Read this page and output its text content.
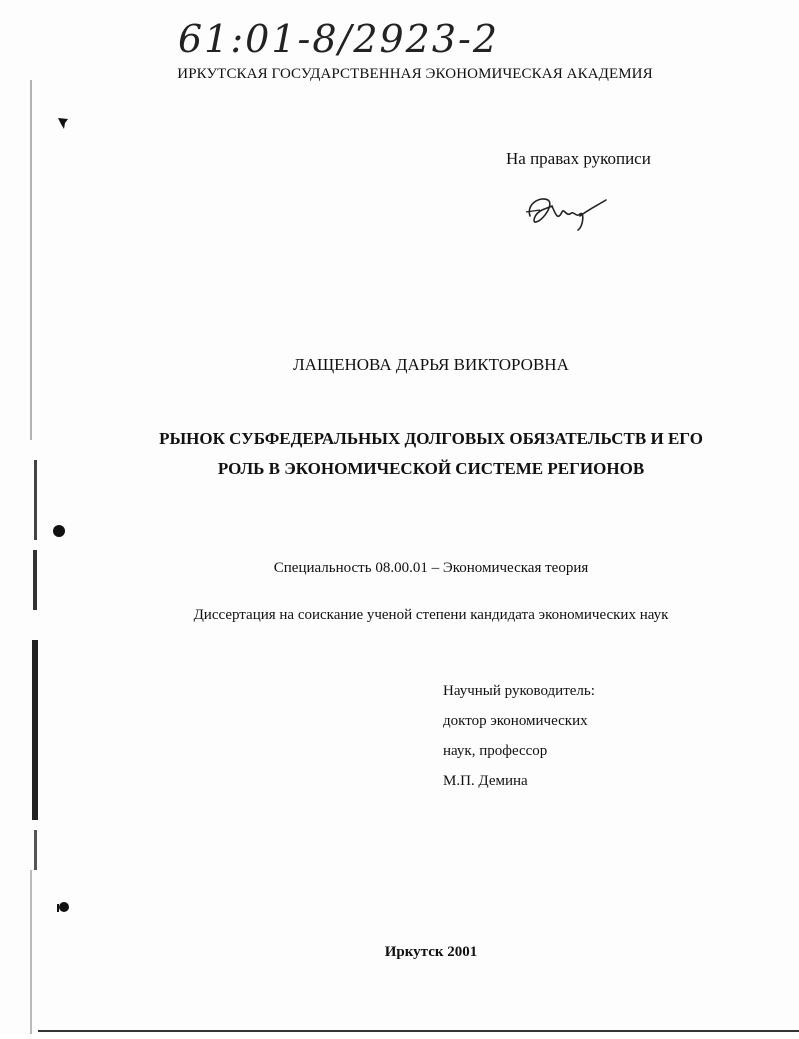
61:01-8/2923-2
ИРКУТСКАЯ ГОСУДАРСТВЕННАЯ ЭКОНОМИЧЕСКАЯ АКАДЕМИЯ
На правах рукописи
ЛАЩЕНОВА ДАРЬЯ ВИКТОРОВНА
РЫНОК СУБФЕДЕРАЛЬНЫХ ДОЛГОВЫХ ОБЯЗАТЕЛЬСТВ И ЕГО
РОЛЬ В ЭКОНОМИЧЕСКОЙ СИСТЕМЕ РЕГИОНОВ
Специальность 08.00.01 – Экономическая теория
Диссертация на соискание ученой степени кандидата экономических наук
Научный руководитель:
доктор экономических
наук, профессор
М.П. Демина
Иркутск 2001
